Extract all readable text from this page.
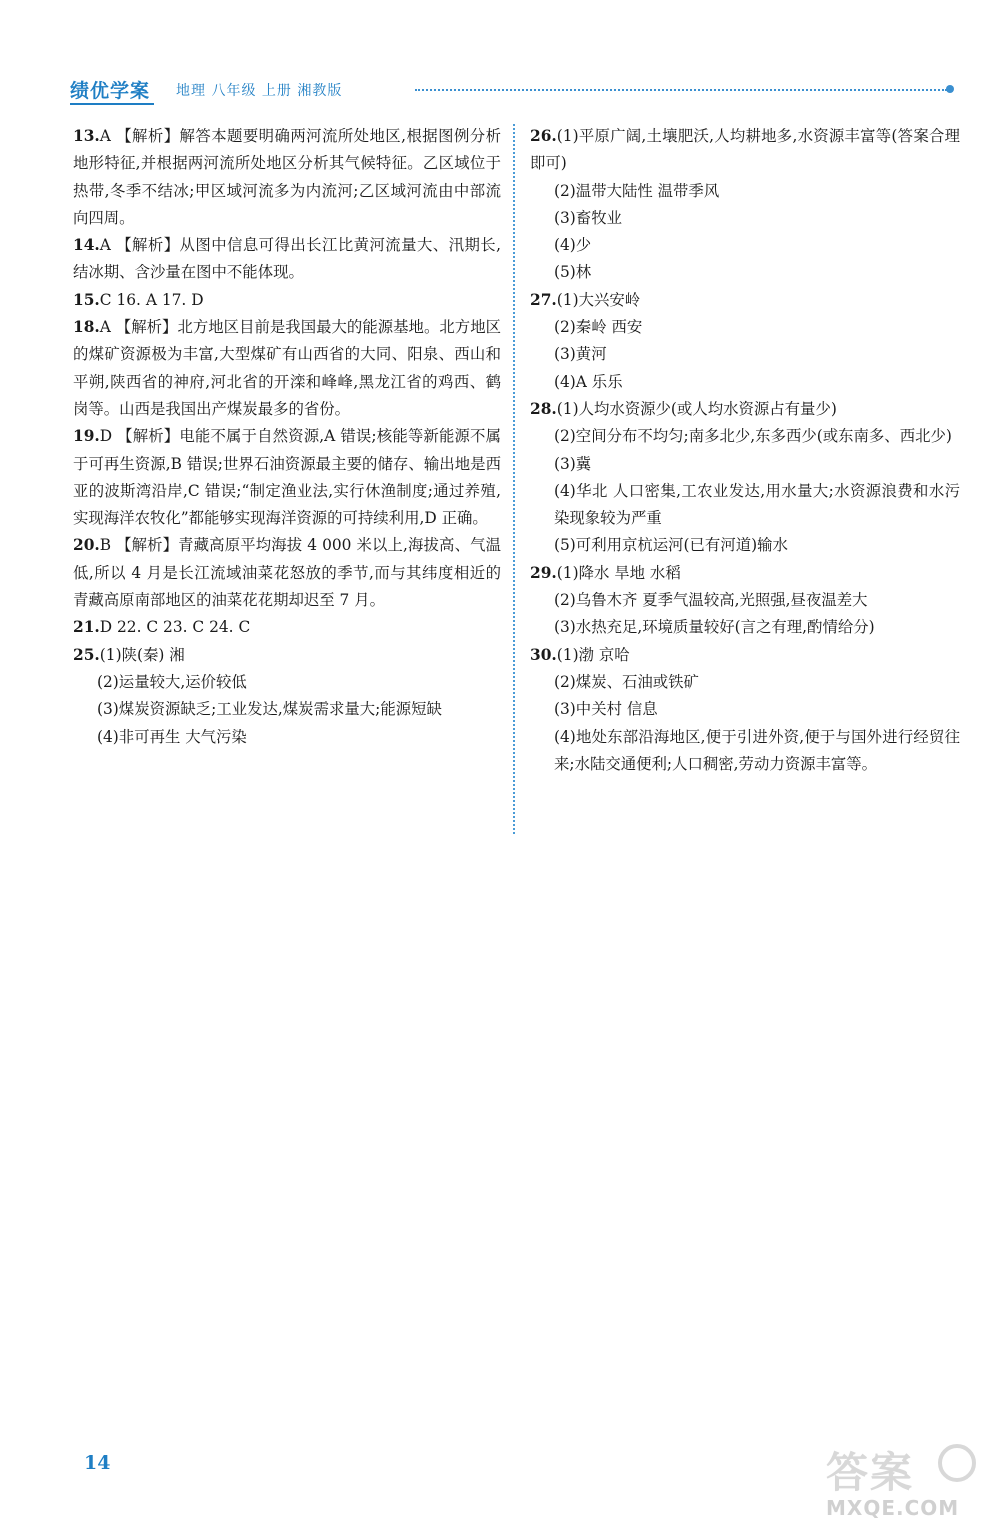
绩优学案 地理 八年级 上册 湘教版
13.A 【解析】解答本题要明确两河流所处地区,根据图例分析地形特征,并根据两河流所处地区分析其气候特征。乙区域位于热带,冬季不结冰;甲区域河流多为内流河;乙区域河流由中部流向四周。
14.A 【解析】从图中信息可得出长江比黄河流量大、汛期长,结冰期、含沙量在图中不能体现。
15.C 16. A 17. D
18.A 【解析】北方地区目前是我国最大的能源基地。北方地区的煤矿资源极为丰富,大型煤矿有山西省的大同、阳泉、西山和平朔,陕西省的神府,河北省的开滦和峰峰,黑龙江省的鸡西、鹤岗等。山西是我国出产煤炭最多的省份。
19.D 【解析】电能不属于自然资源,A 错误;核能等新能源不属于可再生资源,B 错误;世界石油资源最主要的储存、输出地是西亚的波斯湾沿岸,C 错误;“制定渔业法,实行休渔制度;通过养殖,实现海洋农牧化”都能够实现海洋资源的可持续利用,D 正确。
20.B 【解析】青藏高原平均海拔 4 000 米以上,海拔高、气温低,所以 4 月是长江流域油菜花怒放的季节,而与其纬度相近的青藏高原南部地区的油菜花花期却迟至 7 月。
21.D 22. C 23. C 24. C
25.(1)陕(秦) 湘
(2)运量较大,运价较低
(3)煤炭资源缺乏;工业发达,煤炭需求量大;能源短缺
(4)非可再生 大气污染
26.(1)平原广阔,土壤肥沃,人均耕地多,水资源丰富等(答案合理即可)
(2)温带大陆性 温带季风
(3)畜牧业
(4)少
(5)林
27.(1)大兴安岭
(2)秦岭 西安
(3)黄河
(4)A 乐乐
28.(1)人均水资源少(或人均水资源占有量少)
(2)空间分布不均匀;南多北少,东多西少(或东南多、西北少)
(3)冀
(4)华北 人口密集,工农业发达,用水量大;水资源浪费和水污染现象较为严重
(5)可利用京杭运河(已有河道)输水
29.(1)降水 旱地 水稻
(2)乌鲁木齐 夏季气温较高,光照强,昼夜温差大
(3)水热充足,环境质量较好(言之有理,酌情给分)
30.(1)渤 京哈
(2)煤炭、石油或铁矿
(3)中关村 信息
(4)地处东部沿海地区,便于引进外资,便于与国外进行经贸往来;水陆交通便利;人口稠密,劳动力资源丰富等。
14	答案
MXQE.COM
